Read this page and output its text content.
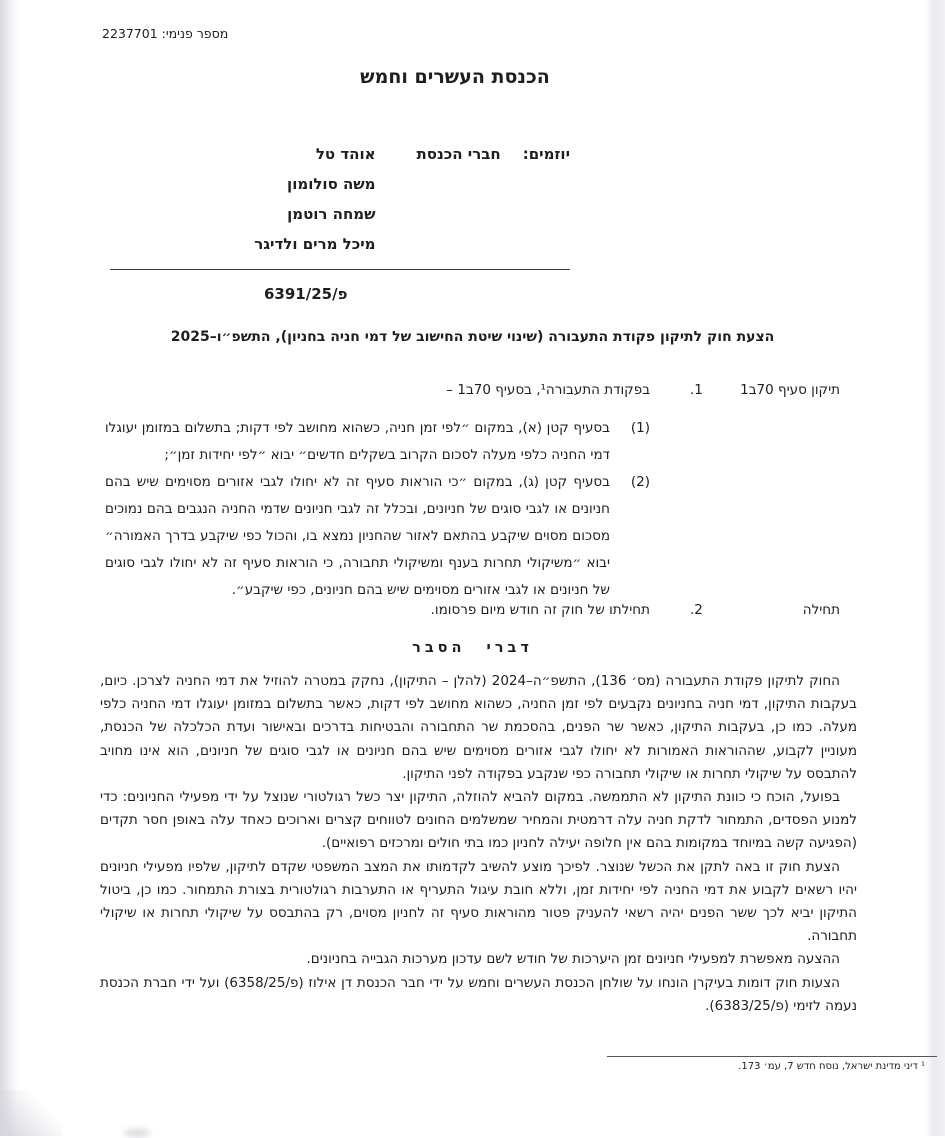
מספר פנימי: 2237701
הכנסת העשרים וחמש
יוזמים:
חברי הכנסת
אוהד טל
משה סולומון
שמחה רוטמן
מיכל מרים ולדיגר
פ/6391/25
הצעת חוק לתיקון פקודת התעבורה (שינוי שיטת החישוב של דמי חניה בחניון), התשפ״ו–2025
תיקון סעיף 70ב1
1.
בפקודת התעבורה¹, בסעיף 70ב1 –
(1)
בסעיף קטן (א), במקום ״לפי זמן חניה, כשהוא מחושב לפי דקות; בתשלום במזומן יעוגלו דמי החניה כלפי מעלה לסכום הקרוב בשקלים חדשים״ יבוא ״לפי יחידות זמן״;
(2)
בסעיף קטן (ג), במקום ״כי הוראות סעיף זה לא יחולו לגבי אזורים מסוימים שיש בהם חניונים או לגבי סוגים של חניונים, ובכלל זה לגבי חניונים שדמי החניה הנגבים בהם נמוכים מסכום מסוים שיקבע בהתאם לאזור שהחניון נמצא בו, והכול כפי שיקבע בדרך האמורה״ יבוא ״משיקולי תחרות בענף ומשיקולי תחבורה, כי הוראות סעיף זה לא יחולו לגבי סוגים של חניונים או לגבי אזורים מסוימים שיש בהם חניונים, כפי שיקבע״.
תחילה
2.
תחילתו של חוק זה חודש מיום פרסומו.
דברי הסבר

החוק לתיקון פקודת התעבורה (מס׳ 136), התשפ״ה–2024 (להלן – התיקון), נחקק במטרה להוזיל את דמי החניה לצרכן. כיום, בעקבות התיקון, דמי חניה בחניונים נקבעים לפי זמן החניה, כשהוא מחושב לפי דקות, כאשר בתשלום במזומן יעוגלו דמי החניה כלפי מעלה. כמו כן, בעקבות התיקון, כאשר שר הפנים, בהסכמת שר התחבורה והבטיחות בדרכים ובאישור ועדת הכלכלה של הכנסת, מעוניין לקבוע, שההוראות האמורות לא יחולו לגבי אזורים מסוימים שיש בהם חניונים או לגבי סוגים של חניונים, הוא אינו מחויב להתבסס על שיקולי תחרות או שיקולי תחבורה כפי שנקבע בפקודה לפני התיקון.

בפועל, הוכח כי כוונת התיקון לא התממשה. במקום להביא להוזלה, התיקון יצר כשל רגולטורי שנוצל על ידי מפעילי החניונים: כדי למנוע הפסדים, התמחור לדקת חניה עלה דרמטית והמחיר שמשלמים החונים לטווחים קצרים וארוכים כאחד עלה באופן חסר תקדים (הפגיעה קשה במיוחד במקומות בהם אין חלופה יעילה לחניון כמו בתי חולים ומרכזים רפואיים).

הצעת חוק זו באה לתקן את הכשל שנוצר. לפיכך מוצע להשיב לקדמותו את המצב המשפטי שקדם לתיקון, שלפיו מפעילי חניונים יהיו רשאים לקבוע את דמי החניה לפי יחידות זמן, וללא חובת עיגול התעריף או התערבות רגולטורית בצורת התמחור. כמו כן, ביטול התיקון יביא לכך ששר הפנים יהיה רשאי להעניק פטור מהוראות סעיף זה לחניון מסוים, רק בהתבסס על שיקולי תחרות או שיקולי תחבורה.

ההצעה מאפשרת למפעילי חניונים זמן היערכות של חודש לשם עדכון מערכות הגבייה בחניונים.

הצעות חוק דומות בעיקרן הונחו על שולחן הכנסת העשרים וחמש על ידי חבר הכנסת דן אילוז (פ/6358/25) ועל ידי חברת הכנסת נעמה לזימי (פ/6383/25).

¹ דיני מדינת ישראל, נוסח חדש 7, עמ׳ 173.
